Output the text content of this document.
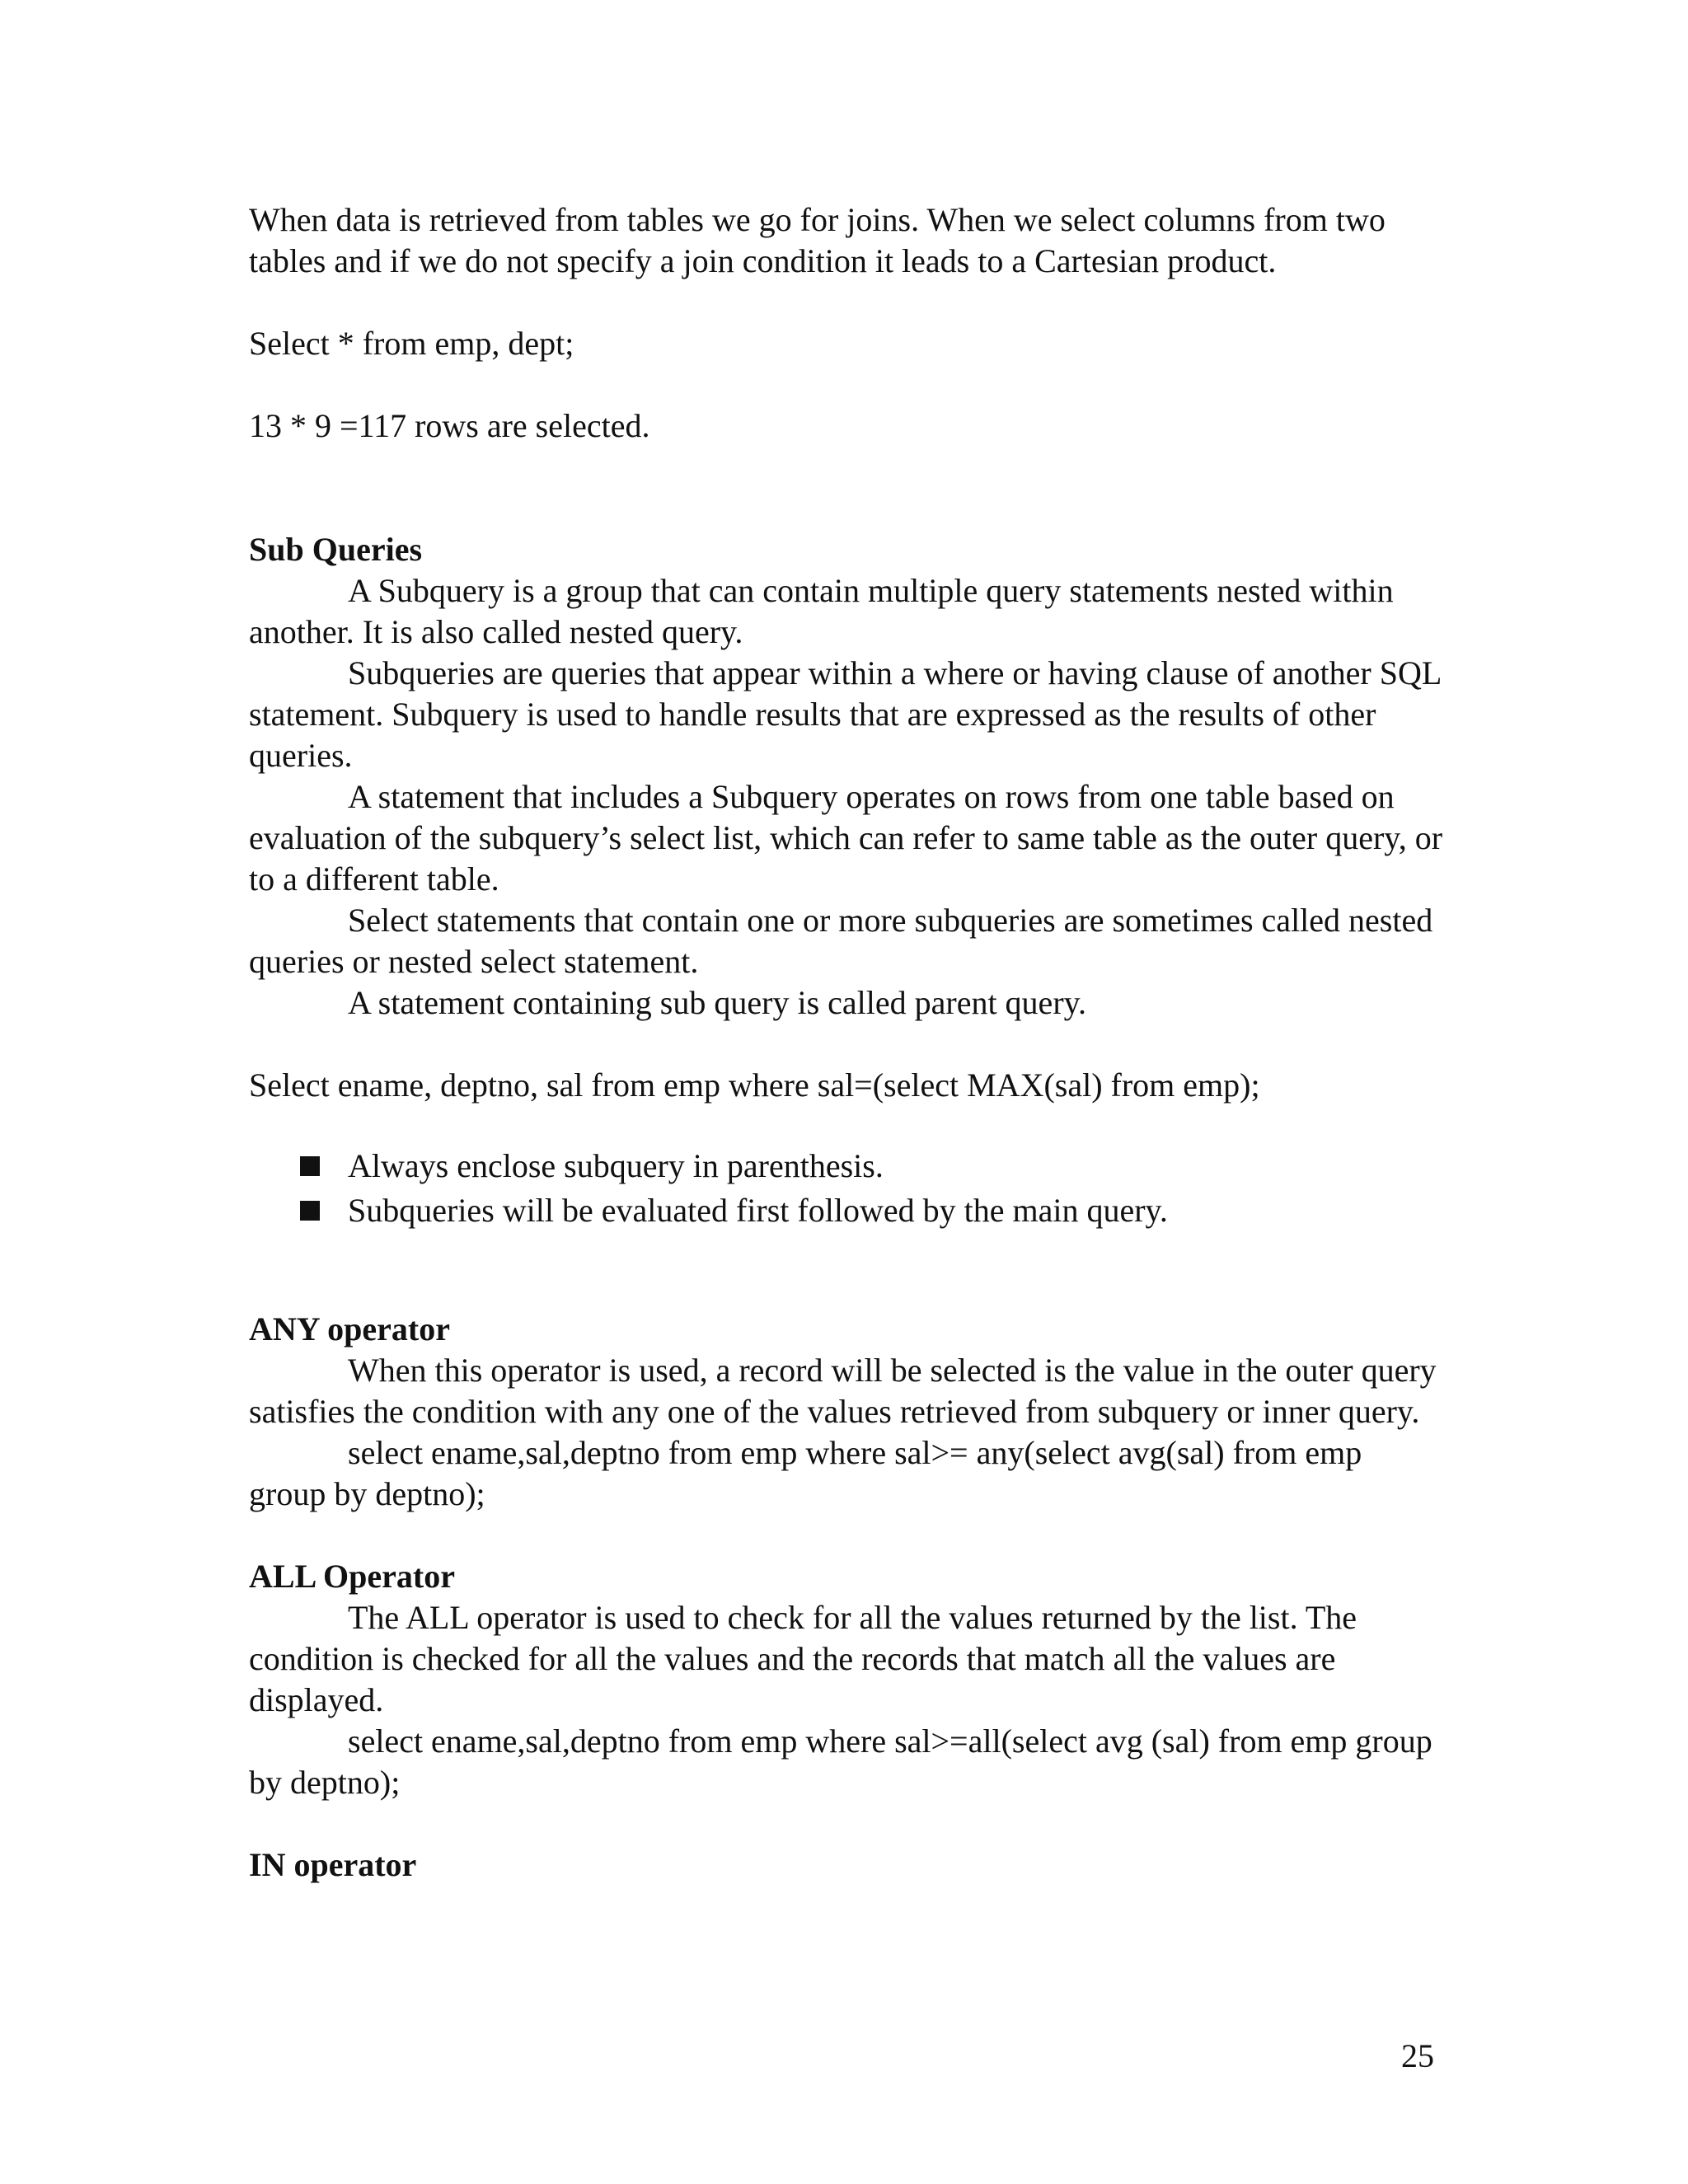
When data is retrieved from tables we go for joins. When we select columns from two tables and if we do not specify a join condition it leads to a Cartesian product.

Select * from emp, dept;

13 * 9 =117 rows are selected.

Sub Queries

A Subquery is a group that can contain multiple query statements nested within another. It is also called nested query.

Subqueries are queries that appear within a where or having clause of another SQL statement. Subquery is used to handle results that are expressed as the results of other queries.

A statement that includes a Subquery operates on rows from one table based on evaluation of the subquery’s select list, which can refer to same table as the outer query, or to a different table.

Select statements that contain one or more subqueries are sometimes called nested queries or nested select statement.

A statement containing sub query is called parent query.

Select ename, deptno, sal from emp where sal=(select MAX(sal) from emp);

Always enclose subquery in parenthesis.
Subqueries will be evaluated first followed by the main query.

ANY operator

When this operator is used, a record will be selected is the value in the outer query satisfies the condition with any one of the values retrieved from subquery or inner query.

select ename,sal,deptno from emp where sal>= any(select avg(sal) from emp group by deptno);

ALL Operator

The ALL operator is used to check for all the values returned by the list. The condition is checked for all the values and the records that match all the values are displayed.

select ename,sal,deptno from emp where sal>=all(select avg (sal) from emp group by deptno);

IN operator

25
